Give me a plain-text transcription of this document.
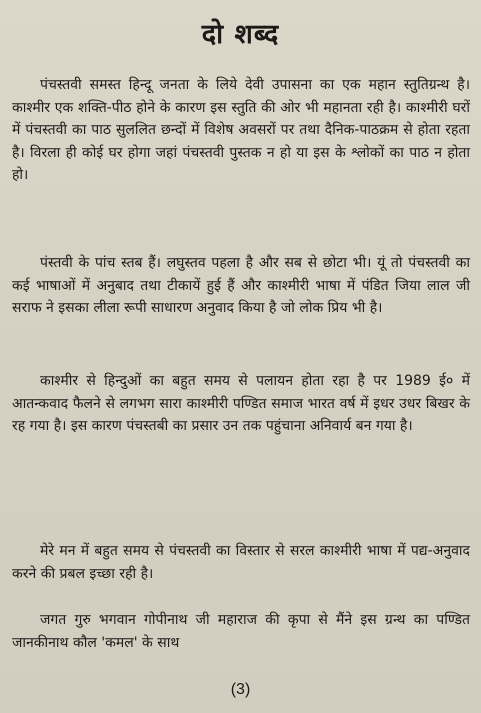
दो शब्द

पंचस्तवी समस्त हिन्दू जनता के लिये देवी उपासना का एक महान स्तुतिग्रन्थ है। काश्मीर एक शक्ति-पीठ होने के कारण इस स्तुति की ओर भी महानता रही है। काश्मीरी घरों में पंचस्तवी का पाठ सुललित छन्दों में विशेष अवसरों पर तथा दैनिक-पाठक्रम से होता रहता है। विरला ही कोई घर होगा जहां पंचस्तवी पुस्तक न हो या इस के श्लोकों का पाठ न होता हो।

पंस्तवी के पांच स्तब हैं। लघुस्तव पहला है और सब से छोटा भी। यूं तो पंचस्तवी का कई भाषाओं में अनुबाद तथा टीकायें हुई हैं और काश्मीरी भाषा में पंडित जिया लाल जी सराफ ने इसका लीला रूपी साधारण अनुवाद किया है जो लोक प्रिय भी है।

काश्मीर से हिन्दुओं का बहुत समय से पलायन होता रहा है पर 1989 ई० में आतन्कवाद फैलने से लगभग सारा काश्मीरी पण्डित समाज भारत वर्ष में इधर उधर बिखर के रह गया है। इस कारण पंचस्तबी का प्रसार उन तक पहुंचाना अनिवार्य बन गया है।

मेरे मन में बहुत समय से पंचस्तवी का विस्तार से सरल काश्मीरी भाषा में पद्य-अनुवाद करने की प्रबल इच्छा रही है।

जगत गुरु भगवान गोपीनाथ जी महाराज की कृपा से मैंने इस ग्रन्थ का पण्डित जानकीनाथ कौल 'कमल' के साथ

(3)
